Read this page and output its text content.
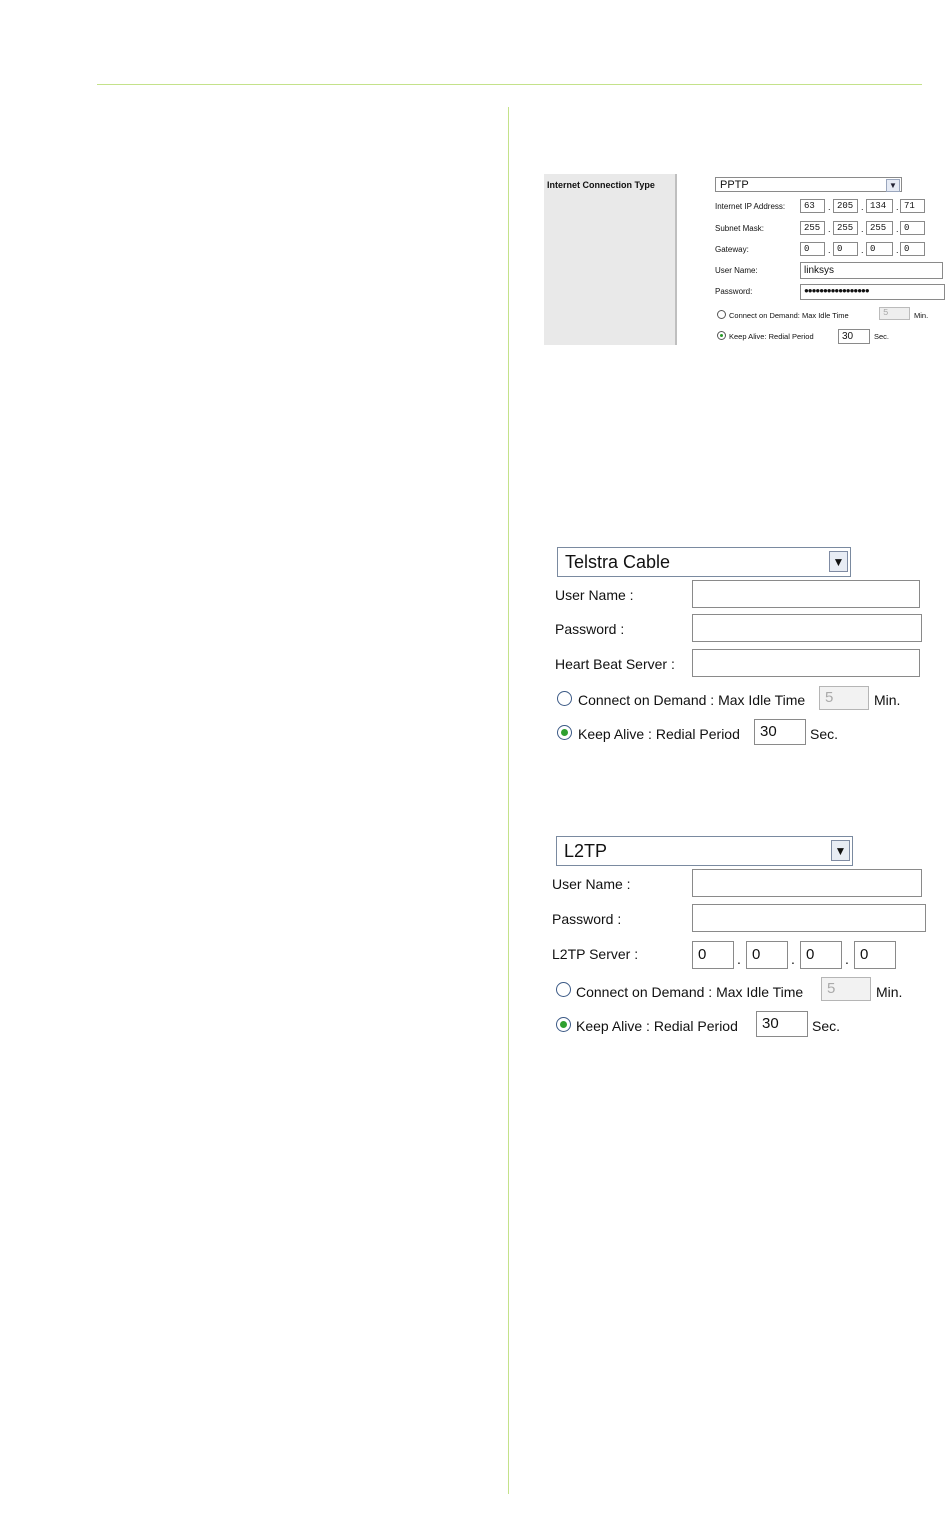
Internet Connection Type	PPTP	▼
Internet IP Address:	63	. 205 . 134	. 71
Subnet Mask:	255 . 255 . 255	. 0
Gateway:	0	. 0	. 0	. 0
User Name:	linksys
Password:	●●●●●●●●●●●●●●●●●
Connect on Demand: Max Idle Time	5	Min.
Keep Alive: Redial Period	30	Sec.
Telstra Cable	▼
User Name :
Password :
Heart Beat Server :
Connect on Demand : Max Idle Time	5	Min.
Keep Alive : Redial Period	30	Sec.
L2TP	▼
User Name :
Password :
L2TP Server :	0	. 0	. 0	. 0
Connect on Demand : Max Idle Time	5	Min.
Keep Alive : Redial Period	30	Sec.
